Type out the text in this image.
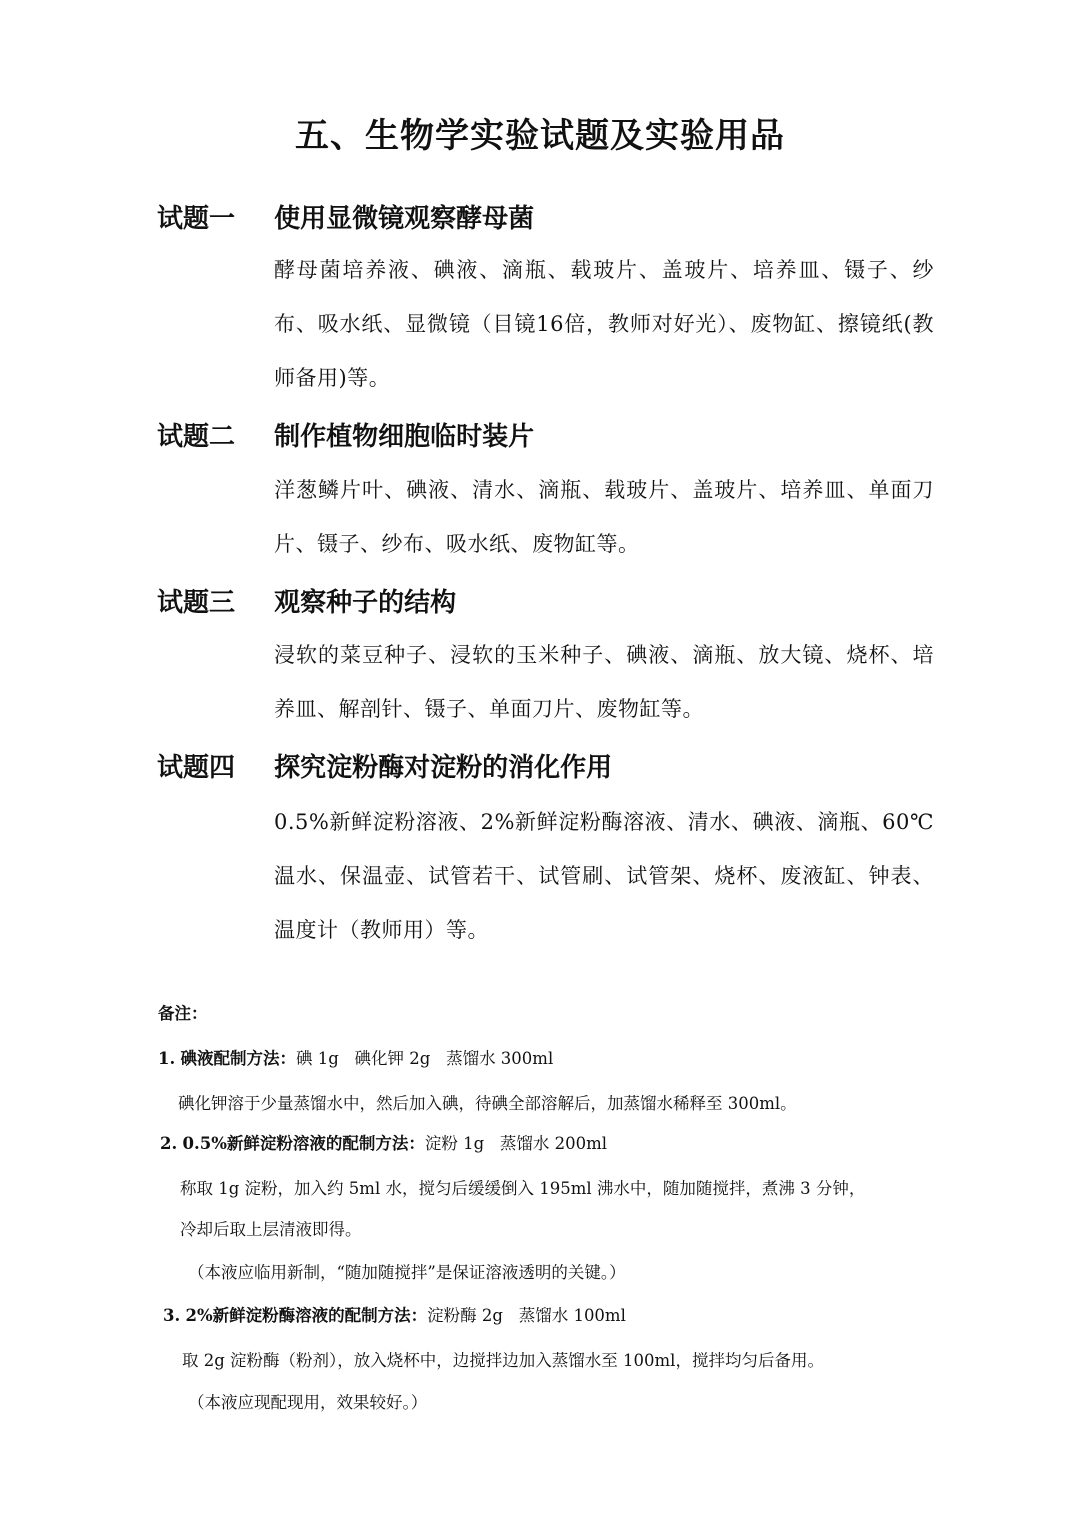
五、生物学实验试题及实验用品
试题一 使用显微镜观察酵母菌
酵母菌培养液、碘液、滴瓶、载玻片、盖玻片、培养皿、镊子、纱布、吸水纸、显微镜（目镜16倍，教师对好光）、废物缸、擦镜纸(教师备用)等。
试题二 制作植物细胞临时装片
洋葱鳞片叶、碘液、清水、滴瓶、载玻片、盖玻片、培养皿、单面刀片、镊子、纱布、吸水纸、废物缸等。
试题三 观察种子的结构
浸软的菜豆种子、浸软的玉米种子、碘液、滴瓶、放大镜、烧杯、培养皿、解剖针、镊子、单面刀片、废物缸等。
试题四 探究淀粉酶对淀粉的消化作用
0.5%新鲜淀粉溶液、2%新鲜淀粉酶溶液、清水、碘液、滴瓶、60℃温水、保温壶、试管若干、试管刷、试管架、烧杯、废液缸、钟表、温度计（教师用）等。
备注：
1. 碘液配制方法：碘 1g   碘化钾 2g   蒸馏水 300ml
碘化钾溶于少量蒸馏水中，然后加入碘，待碘全部溶解后，加蒸馏水稀释至 300ml。
2. 0.5%新鲜淀粉溶液的配制方法：淀粉 1g   蒸馏水 200ml
称取 1g 淀粉，加入约 5ml 水，搅匀后缓缓倒入 195ml 沸水中，随加随搅拌，煮沸 3 分钟，
冷却后取上层清液即得。
（本液应临用新制，“随加随搅拌”是保证溶液透明的关键。）
3. 2%新鲜淀粉酶溶液的配制方法：淀粉酶 2g   蒸馏水 100ml
取 2g 淀粉酶（粉剂），放入烧杯中，边搅拌边加入蒸馏水至 100ml，搅拌均匀后备用。
（本液应现配现用，效果较好。）
